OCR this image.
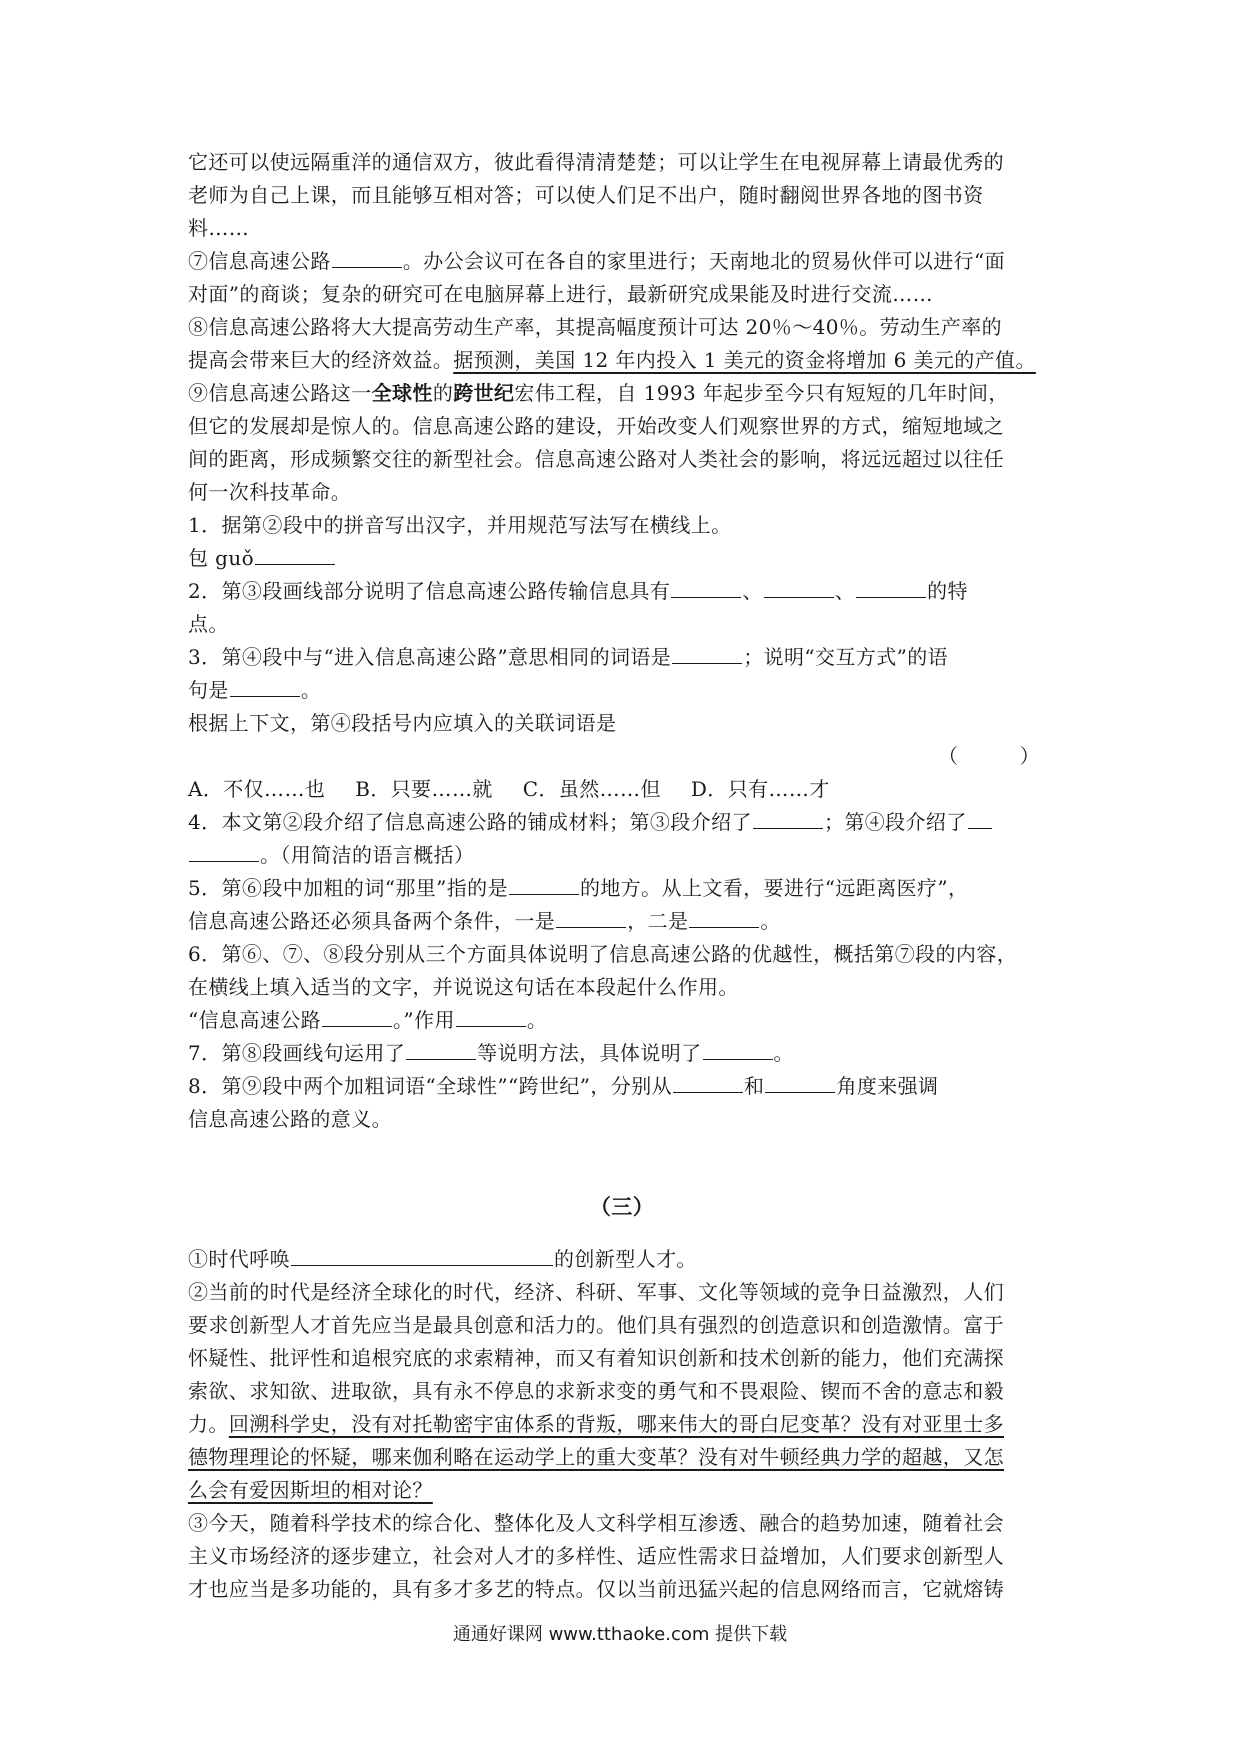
它还可以使远隔重洋的通信双方，彼此看得清清楚楚；可以让学生在电视屏幕上请最优秀的
老师为自己上课，而且能够互相对答；可以使人们足不出户，随时翻阅世界各地的图书资
料……
⑦信息高速公路	。办公会议可在各自的家里进行；天南地北的贸易伙伴可以进行“面
对面”的商谈；复杂的研究可在电脑屏幕上进行，最新研究成果能及时进行交流……
⑧信息高速公路将大大提高劳动生产率，其提高幅度预计可达 20％～40％。劳动生产率的
提高会带来巨大的经济效益。据预测，美国 12 年内投入 1 美元的资金将增加 6 美元的产值。
⑨信息高速公路这一全球性的跨世纪宏伟工程，自 1993 年起步至今只有短短的几年时间，
但它的发展却是惊人的。信息高速公路的建设，开始改变人们观察世界的方式，缩短地域之
间的距离，形成频繁交往的新型社会。信息高速公路对人类社会的影响，将远远超过以往任
何一次科技革命。
1．据第②段中的拼音写出汉字，并用规范写法写在横线上。
包 guǒ
2．第③段画线部分说明了信息高速公路传输信息具有	、	、	的特
点。
3．第④段中与“进入信息高速公路”意思相同的词语是	；说明“交互方式”的语
句是	。
根据上下文，第④段括号内应填入的关联词语是
（　　　）
A．不仅……也 B．只要……就 C．虽然……但 D．只有……才
4．本文第②段介绍了信息高速公路的铺成材料；第③段介绍了	；第④段介绍了
。（用简洁的语言概括）
5．第⑥段中加粗的词“那里”指的是	的地方。从上文看，要进行“远距离医疗”，
信息高速公路还必须具备两个条件，一是	，二是	。
6．第⑥、⑦、⑧段分别从三个方面具体说明了信息高速公路的优越性，概括第⑦段的内容，
在横线上填入适当的文字，并说说这句话在本段起什么作用。
“信息高速公路	。”作用	。
7．第⑧段画线句运用了	等说明方法，具体说明了	。
8．第⑨段中两个加粗词语“全球性”“跨世纪”，分别从	和	角度来强调
信息高速公路的意义。
（三）
①时代呼唤	的创新型人才。
②当前的时代是经济全球化的时代，经济、科研、军事、文化等领域的竞争日益激烈，人们
要求创新型人才首先应当是最具创意和活力的。他们具有强烈的创造意识和创造激情。富于
怀疑性、批评性和追根究底的求索精神，而又有着知识创新和技术创新的能力，他们充满探
索欲、求知欲、进取欲，具有永不停息的求新求变的勇气和不畏艰险、锲而不舍的意志和毅
力。回溯科学史，没有对托勒密宇宙体系的背叛，哪来伟大的哥白尼变革？没有对亚里士多
德物理理论的怀疑，哪来伽利略在运动学上的重大变革？没有对牛顿经典力学的超越，又怎
么会有爱因斯坦的相对论？
③今天，随着科学技术的综合化、整体化及人文科学相互渗透、融合的趋势加速，随着社会
主义市场经济的逐步建立，社会对人才的多样性、适应性需求日益增加，人们要求创新型人
才也应当是多功能的，具有多才多艺的特点。仅以当前迅猛兴起的信息网络而言，它就熔铸
通通好课网 www.tthaoke.com 提供下载
